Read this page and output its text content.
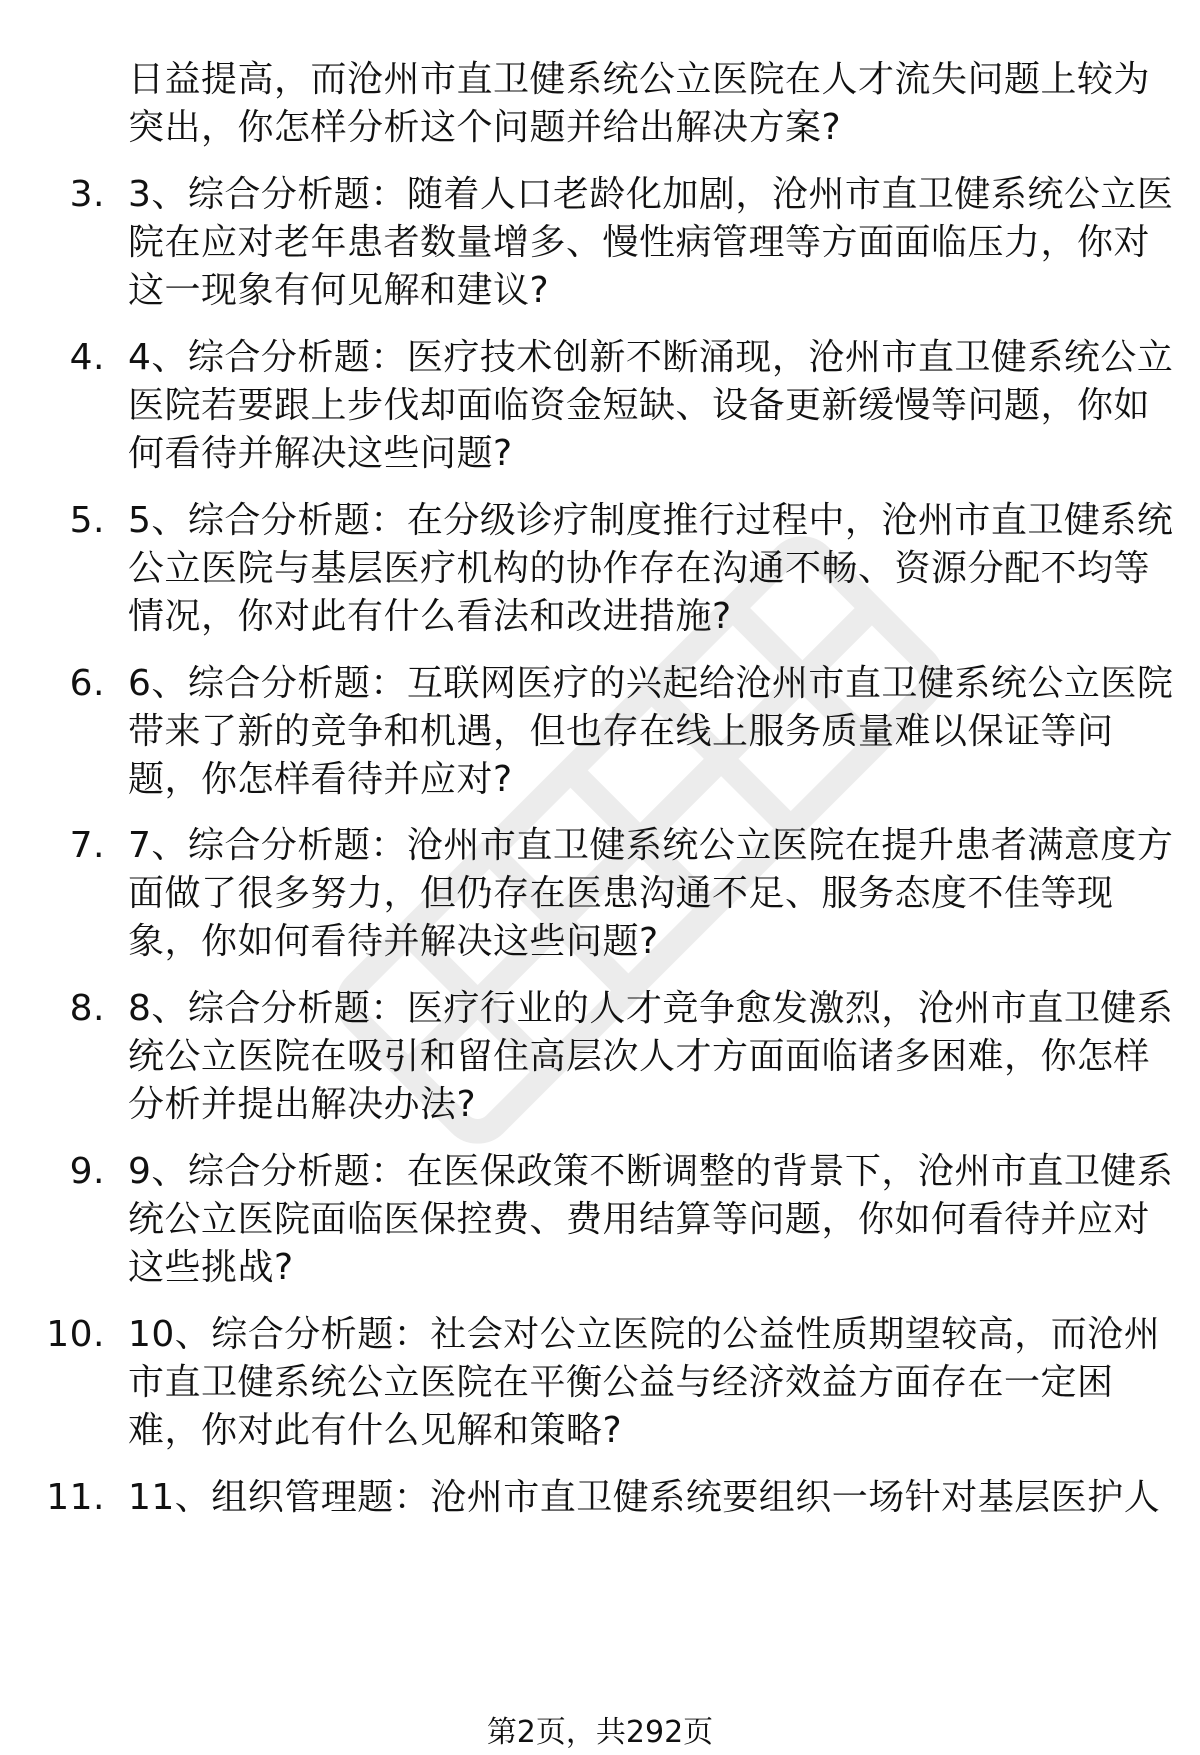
日益提高，而沧州市直卫健系统公立医院在人才流失问题上较为
突出，你怎样分析这个问题并给出解决方案?
3. 3、综合分析题：随着人口老龄化加剧，沧州市直卫健系统公立医
院在应对老年患者数量增多、慢性病管理等方面面临压力，你对
这一现象有何见解和建议?
4. 4、综合分析题：医疗技术创新不断涌现，沧州市直卫健系统公立
医院若要跟上步伐却面临资金短缺、设备更新缓慢等问题，你如
何看待并解决这些问题?
5. 5、综合分析题：在分级诊疗制度推行过程中，沧州市直卫健系统
公立医院与基层医疗机构的协作存在沟通不畅、资源分配不均等
情况，你对此有什么看法和改进措施?
6. 6、综合分析题：互联网医疗的兴起给沧州市直卫健系统公立医院
带来了新的竞争和机遇，但也存在线上服务质量难以保证等问
题，你怎样看待并应对?
7. 7、综合分析题：沧州市直卫健系统公立医院在提升患者满意度方
面做了很多努力，但仍存在医患沟通不足、服务态度不佳等现
象，你如何看待并解决这些问题?
8. 8、综合分析题：医疗行业的人才竞争愈发激烈，沧州市直卫健系
统公立医院在吸引和留住高层次人才方面面临诸多困难，你怎样
分析并提出解决办法?
9. 9、综合分析题：在医保政策不断调整的背景下，沧州市直卫健系
统公立医院面临医保控费、费用结算等问题，你如何看待并应对
这些挑战?
10. 10、综合分析题：社会对公立医院的公益性质期望较高，而沧州
市直卫健系统公立医院在平衡公益与经济效益方面存在一定困
难，你对此有什么见解和策略?
11. 11、组织管理题：沧州市直卫健系统要组织一场针对基层医护人
第2页，共292页
